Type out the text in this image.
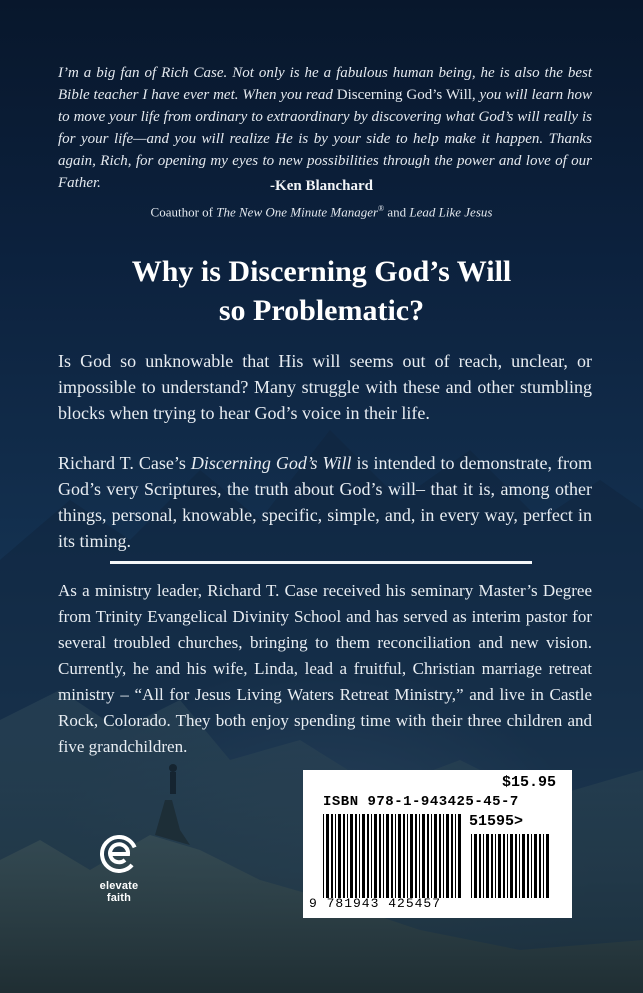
I’m a big fan of Rich Case. Not only is he a fabulous human being, he is also the best Bible teacher I have ever met. When you read Discerning God’s Will, you will learn how to move your life from ordinary to extraordinary by discovering what God’s will really is for your life—and you will realize He is by your side to help make it happen. Thanks again, Rich, for opening my eyes to new possibilities through the power and love of our Father.	-Ken Blanchard
Coauthor of The New One Minute Manager® and Lead Like Jesus
Why is Discerning God’s Will
so Problematic?
Is God so unknowable that His will seems out of reach, unclear, or impossible to understand? Many struggle with these and other stumbling blocks when trying to hear God’s voice in their life.
Richard T. Case’s Discerning God’s Will is intended to demonstrate, from God’s very Scriptures, the truth about God’s will– that it is, among other things, personal, knowable, specific, simple, and, in every way, perfect in its timing.
As a ministry leader, Richard T. Case received his seminary Master’s Degree from Trinity Evangelical Divinity School and has served as interim pastor for several troubled churches, bringing to them reconciliation and new vision. Currently, he and his wife, Linda, lead a fruitful, Christian marriage retreat ministry – “All for Jesus Living Waters Retreat Ministry,” and live in Castle Rock, Colorado. They both enjoy spending time with their three children and five grandchildren.
$15.95
ISBN 978-1-943425-45-7
51595>
9 781943 425457
elevate
faith
